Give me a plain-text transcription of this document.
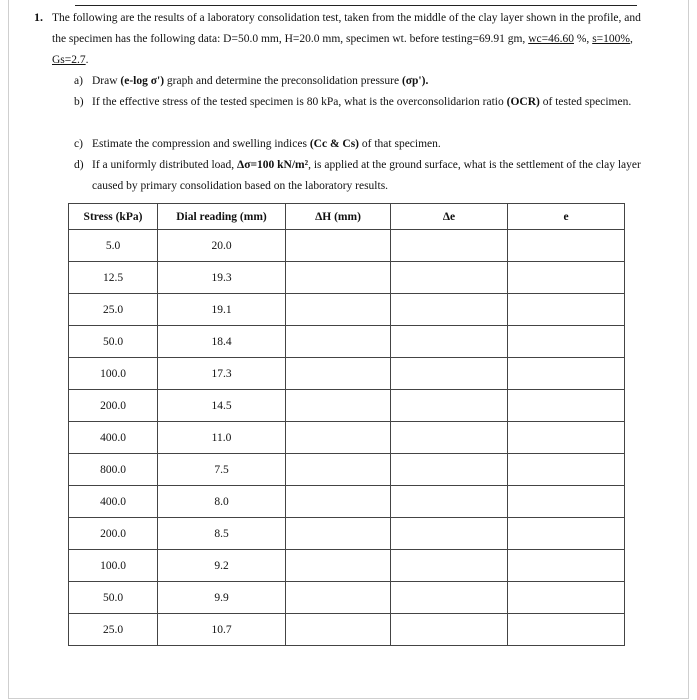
1. The following are the results of a laboratory consolidation test, taken from the middle of the clay layer shown in the profile, and the specimen has the following data: D=50.0 mm, H=20.0 mm, specimen wt. before testing=69.91 gm, wc=46.60 %, s=100%, Gs=2.7.
a) Draw (e-log σ') graph and determine the preconsolidation pressure (σp').
b) If the effective stress of the tested specimen is 80 kPa, what is the overconsolidarion ratio (OCR) of tested specimen.
c) Estimate the compression and swelling indices (Cc & Cs) of that specimen.
d) If a uniformly distributed load, Δσ=100 kN/m², is applied at the ground surface, what is the settlement of the clay layer caused by primary consolidation based on the laboratory results.
Stress (kPa)	Dial reading (mm)	ΔH (mm)	Δe	e
5.0	20.0			
12.5	19.3			
25.0	19.1			
50.0	18.4			
100.0	17.3			
200.0	14.5			
400.0	11.0			
800.0	7.5			
400.0	8.0			
200.0	8.5			
100.0	9.2			
50.0	9.9			
25.0	10.7			
